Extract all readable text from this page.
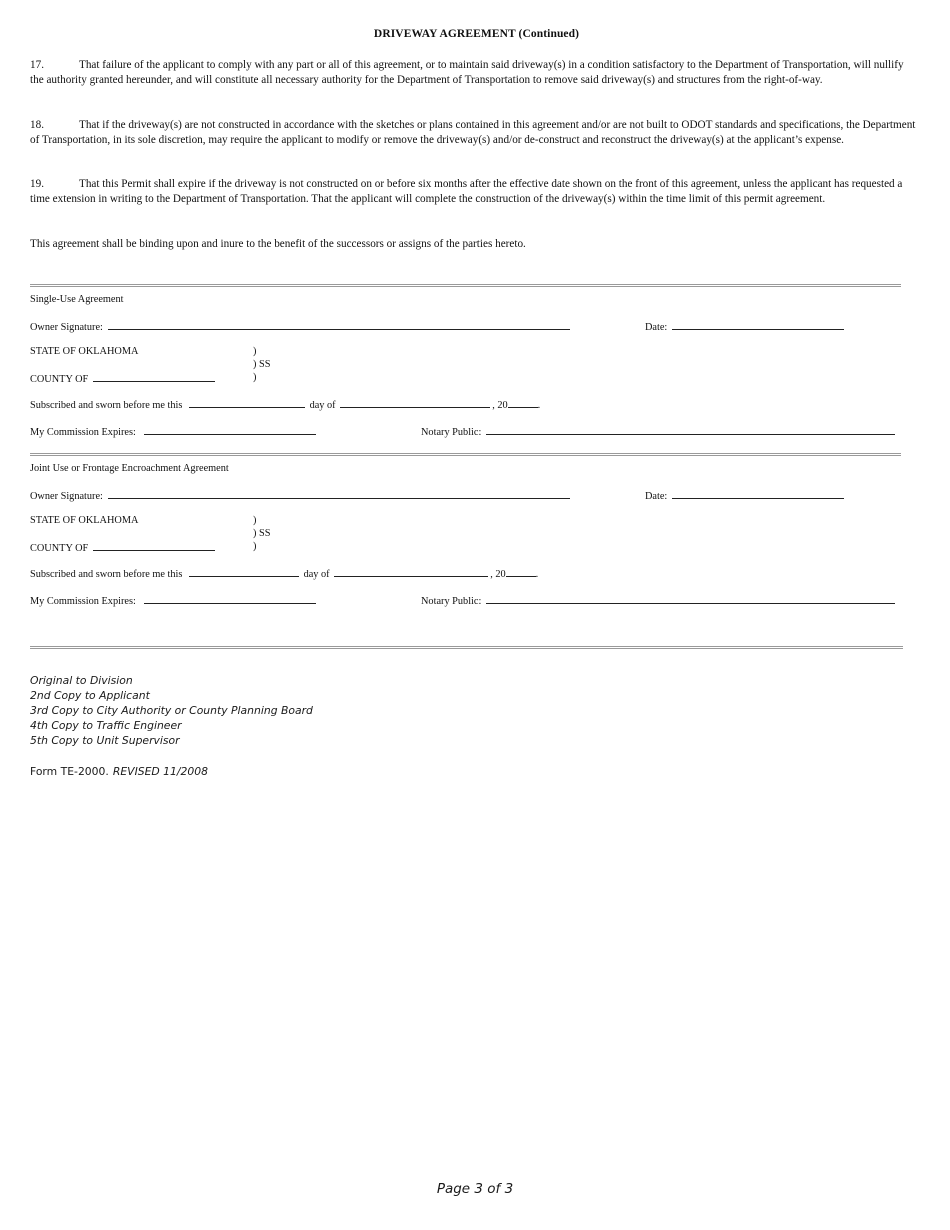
DRIVEWAY AGREEMENT (Continued)
17.	That failure of the applicant to comply with any part or all of this agreement, or to maintain said driveway(s) in a condition satisfactory to the Department of Transportation, will nullify the authority granted hereunder, and will constitute all necessary authority for the Department of Transportation to remove said driveway(s) and structures from the right-of-way.
18.	That if the driveway(s) are not constructed in accordance with the sketches or plans contained in this agreement and/or are not built to ODOT standards and specifications, the Department of Transportation, in its sole discretion, may require the applicant to modify or remove the driveway(s) and/or de-construct and reconstruct the driveway(s) at the applicant’s expense.
19.	That this Permit shall expire if the driveway is not constructed on or before six months after the effective date shown on the front of this agreement, unless the applicant has requested a time extension in writing to the Department of Transportation. That the applicant will complete the construction of the driveway(s) within the time limit of this permit agreement.
This agreement shall be binding upon and inure to the benefit of the successors or assigns of the parties hereto.
Single-Use Agreement
Owner Signature:	Date:
STATE OF OKLAHOMA	)
) SS
)
COUNTY OF
Subscribed and sworn before me this	day of	, 20	.
My Commission Expires:	Notary Public:
Joint Use or Frontage Encroachment Agreement
Owner Signature:	Date:
STATE OF OKLAHOMA	)
) SS
)
COUNTY OF
Subscribed and sworn before me this	day of	, 20	.
My Commission Expires:	Notary Public:
Original to Division
2nd Copy to Applicant
3rd Copy to City Authority or County Planning Board
4th Copy to Traffic Engineer
5th Copy to Unit Supervisor
Form TE-2000. REVISED 11/2008
Page 3 of 3
